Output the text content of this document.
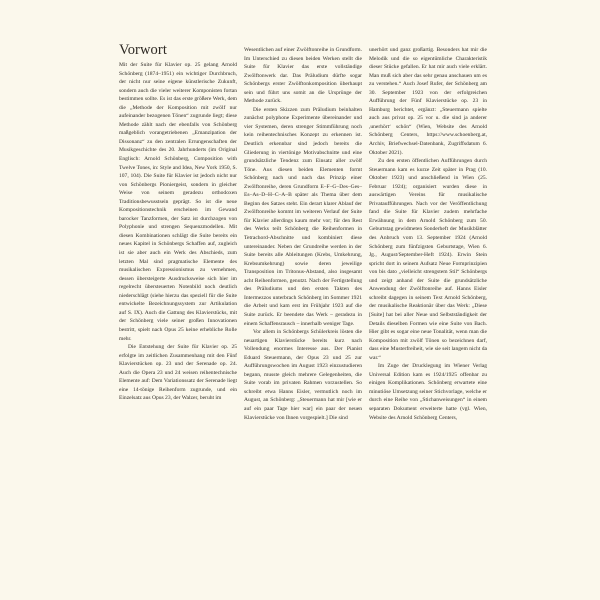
Vorwort

Mit der Suite für Klavier op. 25 gelang Arnold Schönberg (1874–1951) ein wichtiger Durchbruch, der nicht nur seine eigene künstlerische Zukunft, sondern auch die vieler weiterer Komponisten fortan bestimmen sollte. Es ist das erste größere Werk, dem die „Methode der Komposition mit zwölf nur aufeinander bezogenen Tönen“ zugrunde liegt; diese Methode zählt nach der ebenfalls von Schönberg maßgeblich vorangetriebenen „Emanzipation der Dissonanz“ zu den zentralen Errungenschaften der Musikgeschichte des 20. Jahrhunderts (im Original Englisch: Arnold Schönberg, Composition with Twelve Tones, in: Style and Idea, New York 1950, S. 107, 104). Die Suite für Klavier ist jedoch nicht nur von Schönbergs Pioniergeist, sondern in gleicher Weise von seinem geradezu orthodoxen Traditionsbewusstsein geprägt. So ist die neue Kompositionstechnik erscheinen im Gewand barocker Tanzformen, der Satz ist durchzogen von Polyphonie und strengen Sequenzmodellen. Mit diesen Kombinationen schlägt die Suite bereits ein neues Kapitel in Schönbergs Schaffen auf, zugleich ist sie aber auch ein Werk des Abschieds, zum letzten Mal sind pragmatische Elemente des musikalischen Expressionismus zu vernehmen, dessen übersteigerte Ausdrucksweise sich hier im regelrecht übersteuerten Notenbild noch deutlich niederschlägt (siehe hierzu das speziell für die Suite entwickelte Bezeichnungssystem zur Artikulation auf S. IX). Auch die Gattung des Klavierstücks, mit der Schönberg viele seiner großen Innovationen bestritt, spielt nach Opus 25 keine erhebliche Rolle mehr.

Die Entstehung der Suite für Klavier op. 25 erfolgte im zeitlichen Zusammenhang mit den Fünf Klavierstücken op. 23 und der Serenade op. 24. Auch die Opera 23 und 24 weisen reihentechnische Elemente auf: Dem Variationssatz der Serenade liegt eine 14-tönige Reihenform zugrunde, und ein Einzelsatz aus Opus 23, der Walzer, beruht im

Wesentlichen auf einer Zwölftonreihe in Grundform. Im Unterschied zu diesen beiden Werken stellt die Suite für Klavier das erste vollständige Zwölftonwerk dar. Das Präludium dürfte sogar Schönbergs erster Zwölftonkomposition überhaupt sein und führt uns somit an die Ursprünge der Methode zurück.

Die ersten Skizzen zum Präludium beinhalten zunächst polyphone Experimente übereinander und vier Systemen, deren strenger Stimmführung noch kein reihentechnisches Konzept zu erkennen ist. Deutlich erkennbar sind jedoch bereits die Gliederung in viertönige Motivabschnitte und eine grundsätzliche Tendenz zum Einsatz aller zwölf Töne. Aus diesen beiden Elementen formt Schönberg nach und nach das Prinzip einer Zwölftonreihe, deren Grundform E–F–G–Des–Ges–Es–As–D–H–C–A–B später als Thema über dem Beginn des Satzes steht. Ein derart klarer Ablauf der Zwölftonreihe kommt im weiteren Verlauf der Suite für Klavier allerdings kaum mehr vor; für den Rest des Werks teilt Schönberg die Reihenformen in Tetrachord-Abschnitte und kombiniert diese untereinander. Neben der Grundreihe werden in der Suite bereits alle Ableitungen (Krebs, Umkehrung, Krebsumkehrung) sowie deren jeweilige Transposition im Tritonus-Abstand, also insgesamt acht Reihenformen, genutzt. Nach der Fertigstellung des Präludiums und den ersten Takten des Intermezzos unterbrach Schönberg im Sommer 1921 die Arbeit und kam erst im Frühjahr 1923 auf die Suite zurück. Er beendete das Werk – geradezu in einem Schaffensrausch – innerhalb weniger Tage.

Vor allem in Schönbergs Schülerkreis lösten die neuartigen Klavierstücke bereits kurz nach Vollendung enormes Interesse aus. Der Pianist Eduard Steuermann, der Opus 23 und 25 zur Aufführungswochen im August 1923 einzustudieren begann, musste gleich mehrere Gelegenheiten, die Suite vorab im privaten Rahmen vorzustellen. So schreibt etwa Hanns Eisler, vermutlich noch im August, an Schönberg: „Steuermann hat mir [wie er auf ein paar Tage hier war] ein paar der neuen Klavierstücke von Ihnen vorgespielt.] Die sind

unerhört und ganz großartig. Besonders hat mir die Melodik und die so eigentümliche Charakteristik dieser Stücke gefallen. Er hat mir auch viele erklärt. Man muß sich aber das sehr genau anschauen um es zu verstehen.“ Auch Josef Rufer, der Schönberg am 30. September 1923 von der erfolgreichen Aufführung der Fünf Klavierstücke op. 23 in Hamburg berichtet, ergänzt: „Steuermann spielte auch aus privat op. 25 vor u. die sind ja anderer ,unerhört‘ schön“ (Wien, Website des Arnold Schönberg Centers, https://www.schoenberg.at, Archiv, Briefwechsel-Datenbank, Zugriffsdatum 6. Oktober 2021).

Zu den ersten öffentlichen Aufführungen durch Steuermann kam es kurze Zeit später in Prag (10. Oktober 1923) und anschließend in Wien (25. Februar 1924); organisiert wurden diese in auswärtigen Vereins für musikalische Privataufführungen. Nach vor der Veröffentlichung fand die Suite für Klavier zudem mehrfache Erwähnung in dem Arnold Schönberg zum 50. Geburtstag gewidmeten Sonderheft der Musikblätter des Anbruch vom 13. September 1924 (Arnold Schönberg zum fünfzigsten Geburtstage, Wien 6. Jg., August/September-Heft 1924). Erwin Stein spricht dort in seinem Aufsatz Neue Formprinzipien von bis dato „vielleicht strengstem Stil“ Schönbergs und zeigt anhand der Suite die grundsätzliche Anwendung der Zwölftonreihe auf. Hanns Eisler schreibt dagegen in seinem Text Arnold Schönberg, der musikalische Reaktionär über das Werk: „Diese [Suite] hat bei aller Neue und Selbstständigkeit der Details dieselben Formen wie eine Suite von Bach. Hier gibt es sogar eine neue Tonalität, wenn man die Komposition mit zwölf Tönen so bezeichnen darf, dass eine Musterfreiheit, wie sie seit langem nicht da war.“

Im Zuge der Drucklegung im Wiener Verlag Universal Edition kam es 1924/1925 offenbar zu einigen Komplikationen. Schönberg erwartete eine minutiöse Umsetzung seiner Stichvorlage, welche er durch eine Reihe von „Stichanweisungen“ in einem separaten Dokument erweiterte hatte (vgl. Wien, Website des Arnold Schönberg Centers,
